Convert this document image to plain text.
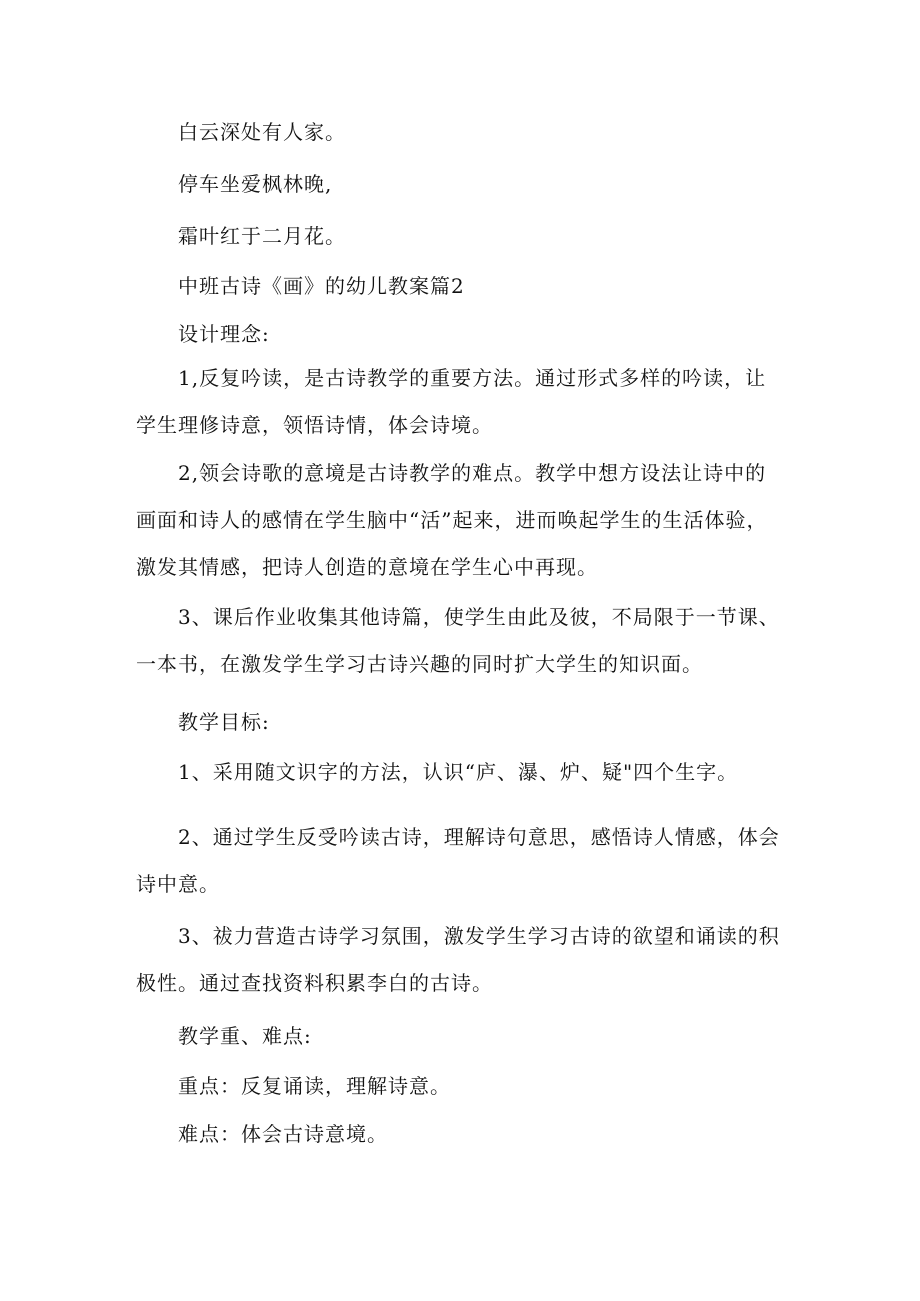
白云深处有人家。
停车坐爱枫林晚,
霜叶红于二月花。
中班古诗《画》的幼儿教案篇2
设计理念:
1,反复吟读，是古诗教学的重要方法。通过形式多样的吟读，让学生理修诗意，领悟诗情，体会诗境。
2,领会诗歌的意境是古诗教学的难点。教学中想方设法让诗中的画面和诗人的感情在学生脑中“活”起来，进而唤起学生的生活体验，激发其情感，把诗人创造的意境在学生心中再现。
3、课后作业收集其他诗篇，使学生由此及彼，不局限于一节课、一本书，在激发学生学习古诗兴趣的同时扩大学生的知识面。
教学目标:
1、采用随文识字的方法，认识“庐、瀑、炉、疑"四个生字。
2、通过学生反受吟读古诗，理解诗句意思，感悟诗人情感，体会诗中意。
3、祓力营造古诗学习氛围，激发学生学习古诗的欲望和诵读的积极性。通过查找资料积累李白的古诗。
教学重、难点:
重点：反复诵读，理解诗意。
难点：体会古诗意境。
